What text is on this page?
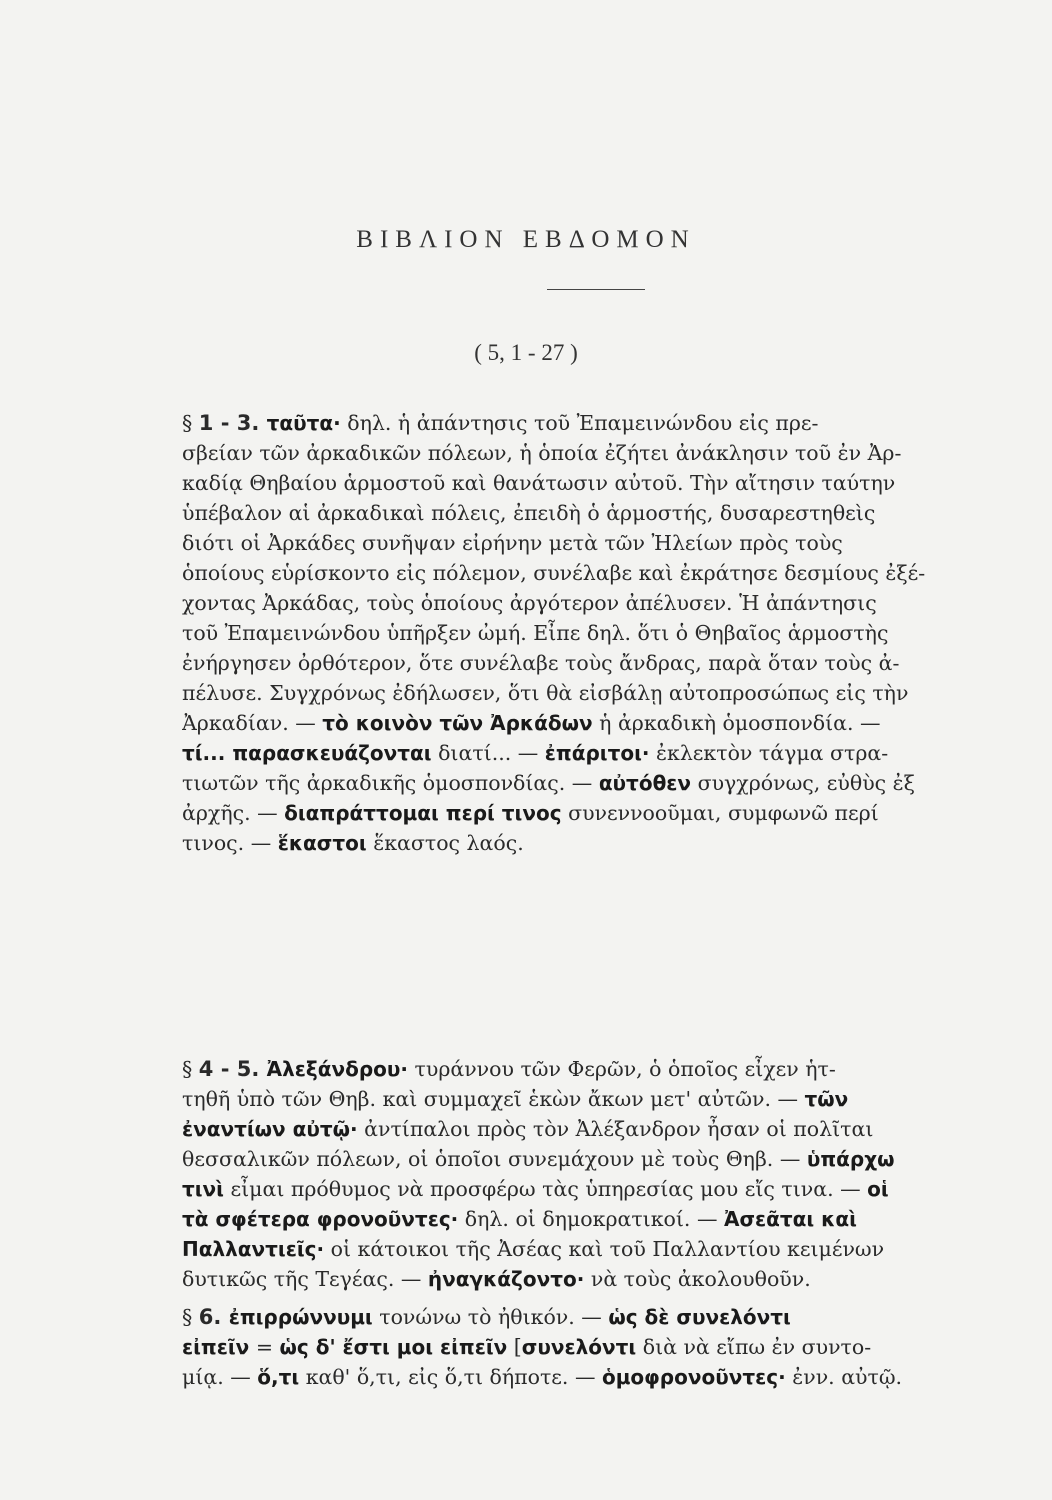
ΒΙΒΛΙΟΝ ΕΒΔΟΜΟΝ
( 5, 1 - 27 )
§ 1 - 3. ταῦτα· δηλ. ἡ ἀπάντησις τοῦ Ἐπαμεινώνδου εἰς πρε-
σβείαν τῶν ἀρκαδικῶν πόλεων, ἡ ὁποία ἐζήτει ἀνάκλησιν τοῦ ἐν Ἀρ-
καδίᾳ Θηβαίου ἁρμοστοῦ καὶ θανάτωσιν αὐτοῦ. Τὴν αἴτησιν ταύτην
ὑπέβαλον αἱ ἀρκαδικαὶ πόλεις, ἐπειδὴ ὁ ἁρμοστής, δυσαρεστηθεὶς
διότι οἱ Ἀρκάδες συνῆψαν εἰρήνην μετὰ τῶν Ἠλείων πρὸς τοὺς
ὁποίους εὑρίσκοντο εἰς πόλεμον, συνέλαβε καὶ ἐκράτησε δεσμίους ἐξέ-
χοντας Ἀρκάδας, τοὺς ὁποίους ἀργότερον ἀπέλυσεν. Ἡ ἀπάντησις
τοῦ Ἐπαμεινώνδου ὑπῆρξεν ὠμή. Εἶπε δηλ. ὅτι ὁ Θηβαῖος ἁρμοστὴς
ἐνήργησεν ὀρθότερον, ὅτε συνέλαβε τοὺς ἄνδρας, παρὰ ὅταν τοὺς ἀ-
πέλυσε. Συγχρόνως ἐδήλωσεν, ὅτι θὰ εἰσβάλῃ αὐτοπροσώπως εἰς τὴν
Ἀρκαδίαν. — τὸ κοινὸν τῶν Ἀρκάδων ἡ ἀρκαδικὴ ὁμοσπονδία. —
τί... παρασκευάζονται διατί... — ἐπάριτοι· ἐκλεκτὸν τάγμα στρα-
τιωτῶν τῆς ἀρκαδικῆς ὁμοσπονδίας. — αὐτόθεν συγχρόνως, εὐθὺς ἐξ
ἀρχῆς. — διαπράττομαι περί τινος συνεννοοῦμαι, συμφωνῶ περί
τινος. — ἕκαστοι ἕκαστος λαός.
§ 4 - 5. Ἀλεξάνδρου· τυράννου τῶν Φερῶν, ὁ ὁποῖος εἶχεν ἡτ-
τηθῆ ὑπὸ τῶν Θηβ. καὶ συμμαχεῖ ἑκὼν ἄκων μετ' αὐτῶν. — τῶν
ἐναντίων αὐτῷ· ἀντίπαλοι πρὸς τὸν Ἀλέξανδρον ἦσαν οἱ πολῖται
θεσσαλικῶν πόλεων, οἱ ὁποῖοι συνεμάχουν μὲ τοὺς Θηβ. — ὑπάρχω
τινὶ εἶμαι πρόθυμος νὰ προσφέρω τὰς ὑπηρεσίας μου εἴς τινα. — οἱ
τὰ σφέτερα φρονοῦντες· δηλ. οἱ δημοκρατικοί. — Ἀσεᾶται καὶ
Παλλαντιεῖς· οἱ κάτοικοι τῆς Ἀσέας καὶ τοῦ Παλλαντίου κειμένων
δυτικῶς τῆς Τεγέας. — ἠναγκάζοντο· νὰ τοὺς ἀκολουθοῦν.
§ 6. ἐπιρρώννυμι τονώνω τὸ ἠθικόν. — ὡς δὲ συνελόντι
εἰπεῖν = ὡς δ' ἔστι μοι εἰπεῖν [συνελόντι διὰ νὰ εἴπω ἐν συντο-
μίᾳ. — ὅ,τι καθ' ὅ,τι, εἰς ὅ,τι δήποτε. — ὁμοφρονοῦντες· ἐνν. αὐτῷ.
